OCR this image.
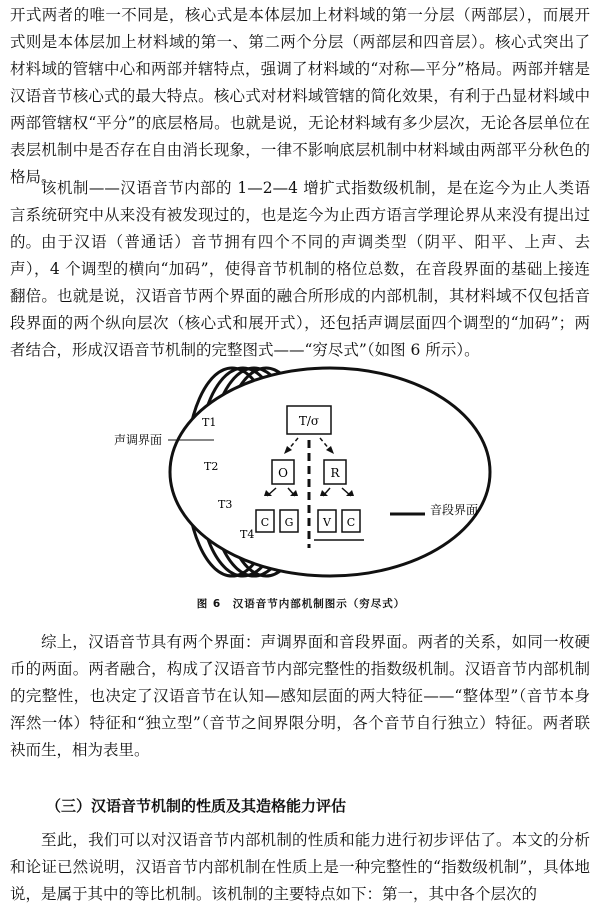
开式两者的唯一不同是，核心式是本体层加上材料域的第一分层（两部层），而展开式则是本体层加上材料域的第一、第二两个分层（两部层和四音层）。核心式突出了材料域的管辖中心和两部并辖特点，强调了材料域的“对称—平分”格局。两部并辖是汉语音节核心式的最大特点。核心式对材料域管辖的简化效果，有利于凸显材料域中两部管辖权“平分”的底层格局。也就是说，无论材料域有多少层次，无论各层单位在表层机制中是否存在自由消长现象，一律不影响底层机制中材料域由两部平分秋色的格局。

该机制——汉语音节内部的 1—2—4 增扩式指数级机制，是在迄今为止人类语言系统研究中从来没有被发现过的，也是迄今为止西方语言学理论界从来没有提出过的。 由于汉语（普通话）音节拥有四个不同的声调类型（阴平、阳平、上声、去声），4 个调型的横向“加码”，使得音节机制的格位总数，在音段界面的基础上接连翻倍。也就是说，汉语音节两个界面的融合所形成的内部机制，其材料域不仅包括音段界面的两个纵向层次（核心式和展开式），还包括声调层面四个调型的“加码”；两者结合，形成汉语音节机制的完整图式——“穷尽式”（如图 6 所示）。

声调界面
音段界面
T1
T2
T3
T4
T/σ
O	R
C G	V C
图 6　汉语音节内部机制图示（穷尽式）

综上，汉语音节具有两个界面：声调界面和音段界面。两者的关系，如同一枚硬币的两面。两者融合，构成了汉语音节内部完整性的指数级机制。汉语音节内部机制的完整性，也决定了汉语音节在认知—感知层面的两大特征——“整体型”（音节本身浑然一体）特征和“独立型”（音节之间界限分明，各个音节自行独立）特征。两者联袂而生，相为表里。

（三）汉语音节机制的性质及其造格能力评估

至此，我们可以对汉语音节内部机制的性质和能力进行初步评估了。本文的分析和论证已然说明，汉语音节内部机制在性质上是一种完整性的“指数级机制”，具体地说，是属于其中的等比机制。该机制的主要特点如下：第一，其中各个层次的
